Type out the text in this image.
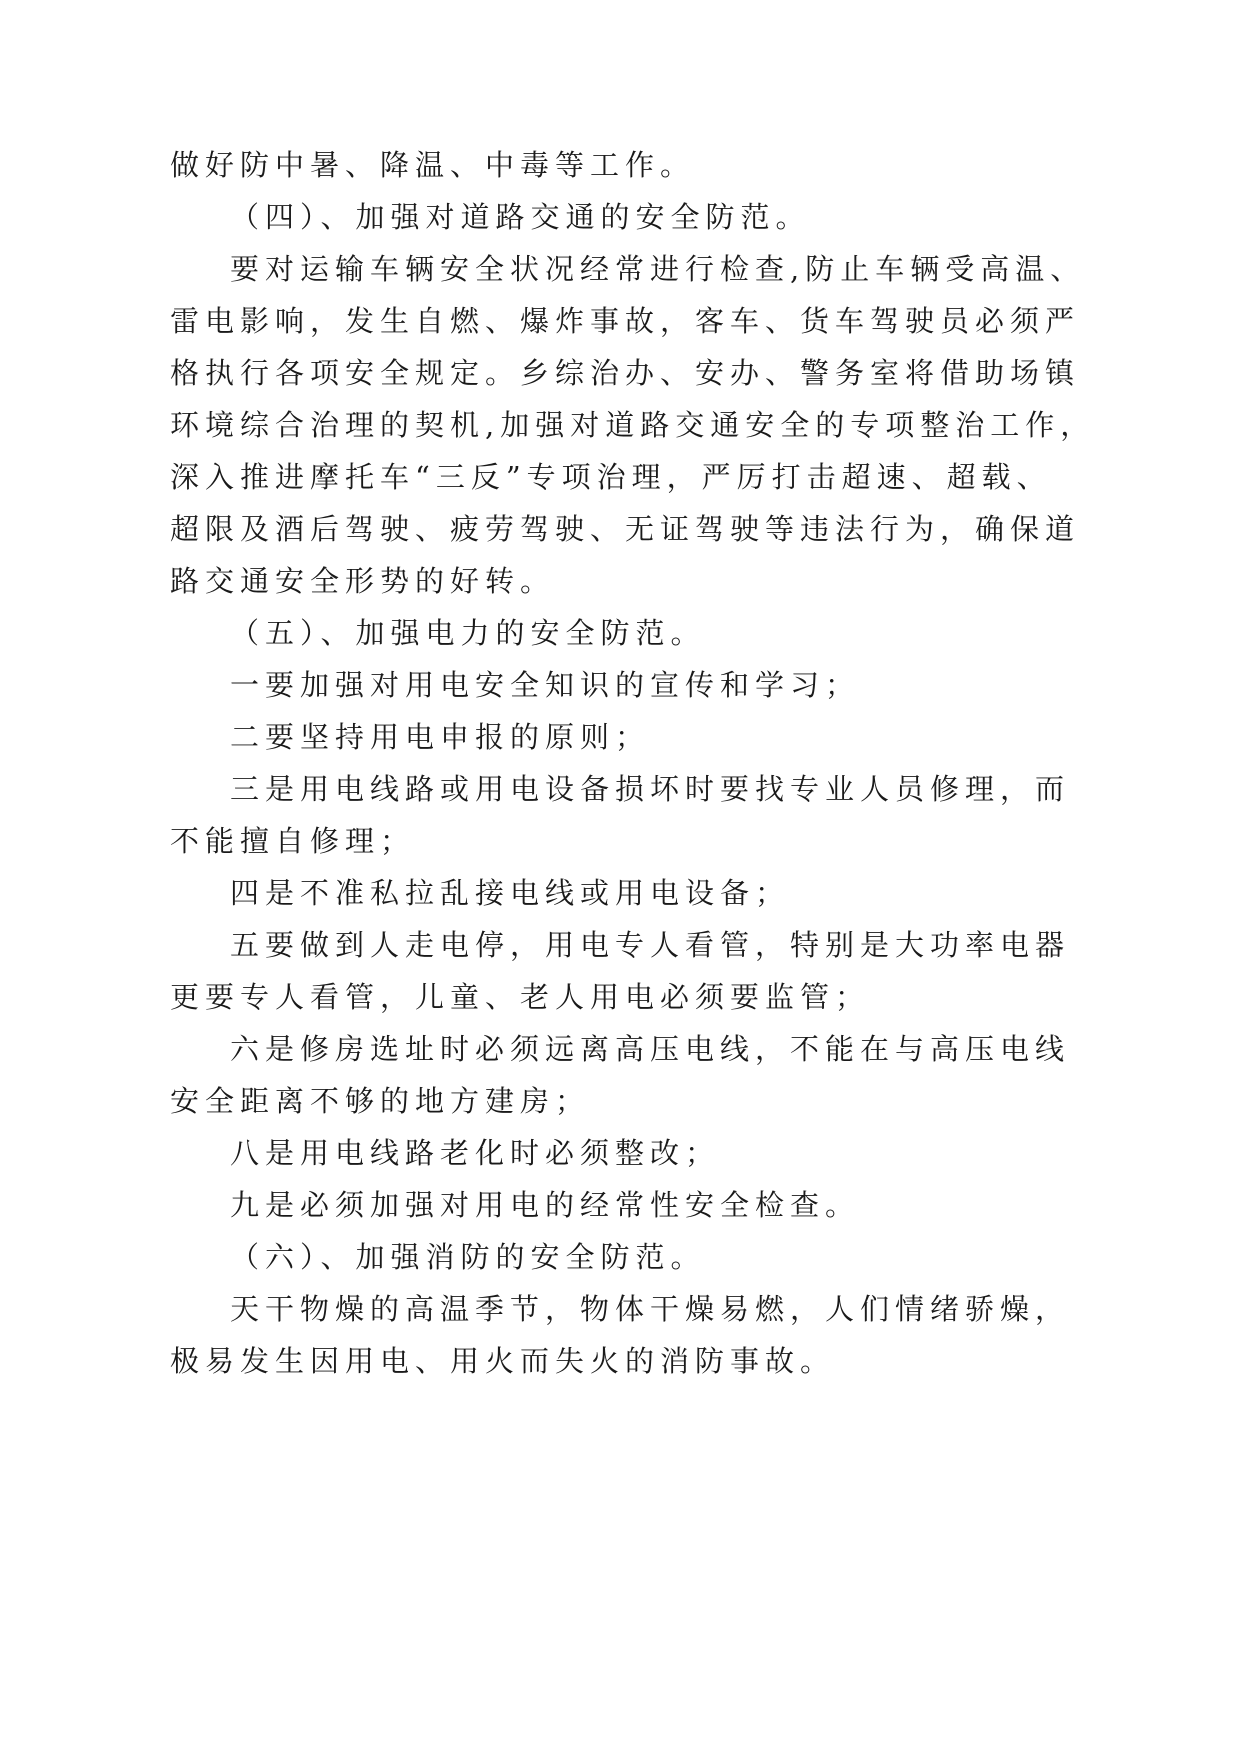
做好防中暑、降温、中毒等工作。
（四）、加强对道路交通的安全防范。
要对运输车辆安全状况经常进行检查,防止车辆受高温、
雷电影响，发生自燃、爆炸事故，客车、货车驾驶员必须严
格执行各项安全规定。乡综治办、安办、警务室将借助场镇
环境综合治理的契机,加强对道路交通安全的专项整治工作，
深入推进摩托车“三反”专项治理，严厉打击超速、超载、
超限及酒后驾驶、疲劳驾驶、无证驾驶等违法行为，确保道
路交通安全形势的好转。
（五）、加强电力的安全防范。
一要加强对用电安全知识的宣传和学习；
二要坚持用电申报的原则；
三是用电线路或用电设备损坏时要找专业人员修理，而
不能擅自修理；
四是不准私拉乱接电线或用电设备；
五要做到人走电停，用电专人看管，特别是大功率电器
更要专人看管，儿童、老人用电必须要监管；
六是修房选址时必须远离高压电线，不能在与高压电线
安全距离不够的地方建房；
八是用电线路老化时必须整改；
九是必须加强对用电的经常性安全检查。
（六）、加强消防的安全防范。
天干物燥的高温季节，物体干燥易燃，人们情绪骄燥，
极易发生因用电、用火而失火的消防事故。
